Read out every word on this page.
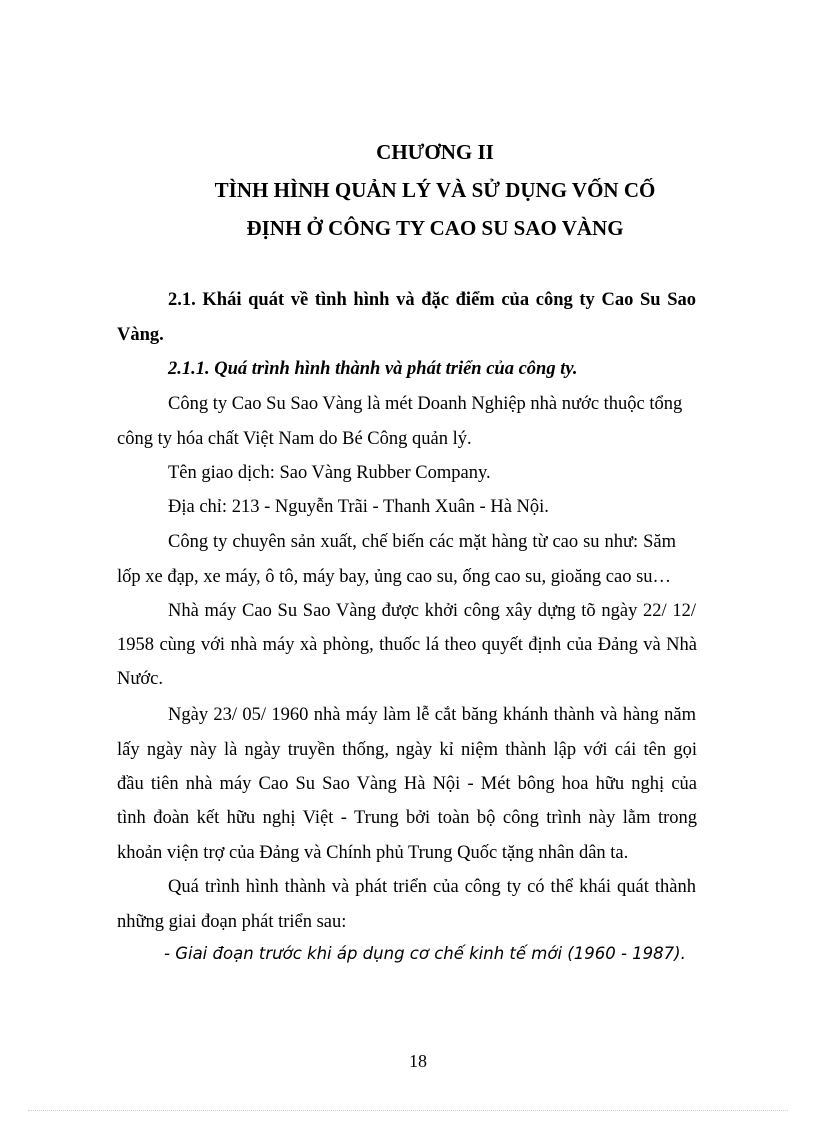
CHƯƠNG II
TÌNH HÌNH QUẢN LÝ VÀ SỬ DỤNG VỐN CỐ
ĐỊNH Ở CÔNG TY CAO SU SAO VÀNG
2.1. Khái quát về tình hình và đặc điểm của công ty Cao Su Sao
Vàng.
2.1.1. Quá trình hình thành và phát triển của công ty.
Công ty Cao Su Sao Vàng là mét Doanh Nghiệp nhà nước thuộc tổng
công ty hóa chất Việt Nam do Bé Công quản lý.
Tên giao dịch: Sao Vàng Rubber Company.
Địa chỉ: 213 - Nguyễn Trãi - Thanh Xuân - Hà Nội.
Công ty chuyên sản xuất, chế biến các mặt hàng từ cao su như: Săm
lốp xe đạp, xe máy, ô tô, máy bay, ủng cao su, ống cao su, gioăng cao su…
Nhà máy Cao Su Sao Vàng được khởi công xây dựng tõ ngày 22/ 12/
1958 cùng với nhà máy xà phòng, thuốc lá theo quyết định của Đảng và Nhà
Nước.
Ngày 23/ 05/ 1960 nhà máy làm lễ cắt băng khánh thành và hàng năm
lấy ngày này là ngày truyền thống, ngày kỉ niệm thành lập với cái tên gọi
đầu tiên nhà máy Cao Su Sao Vàng Hà Nội - Mét bông hoa hữu nghị của
tình đoàn kết hữu nghị Việt - Trung bởi toàn bộ công trình này lằm trong
khoản viện trợ của Đảng và Chính phủ Trung Quốc tặng nhân dân ta.
Quá trình hình thành và phát triển của công ty có thể khái quát thành
những giai đoạn phát triển sau:
- Giai đoạn trước khi áp dụng cơ chế kinh tế mới (1960 - 1987).
18
